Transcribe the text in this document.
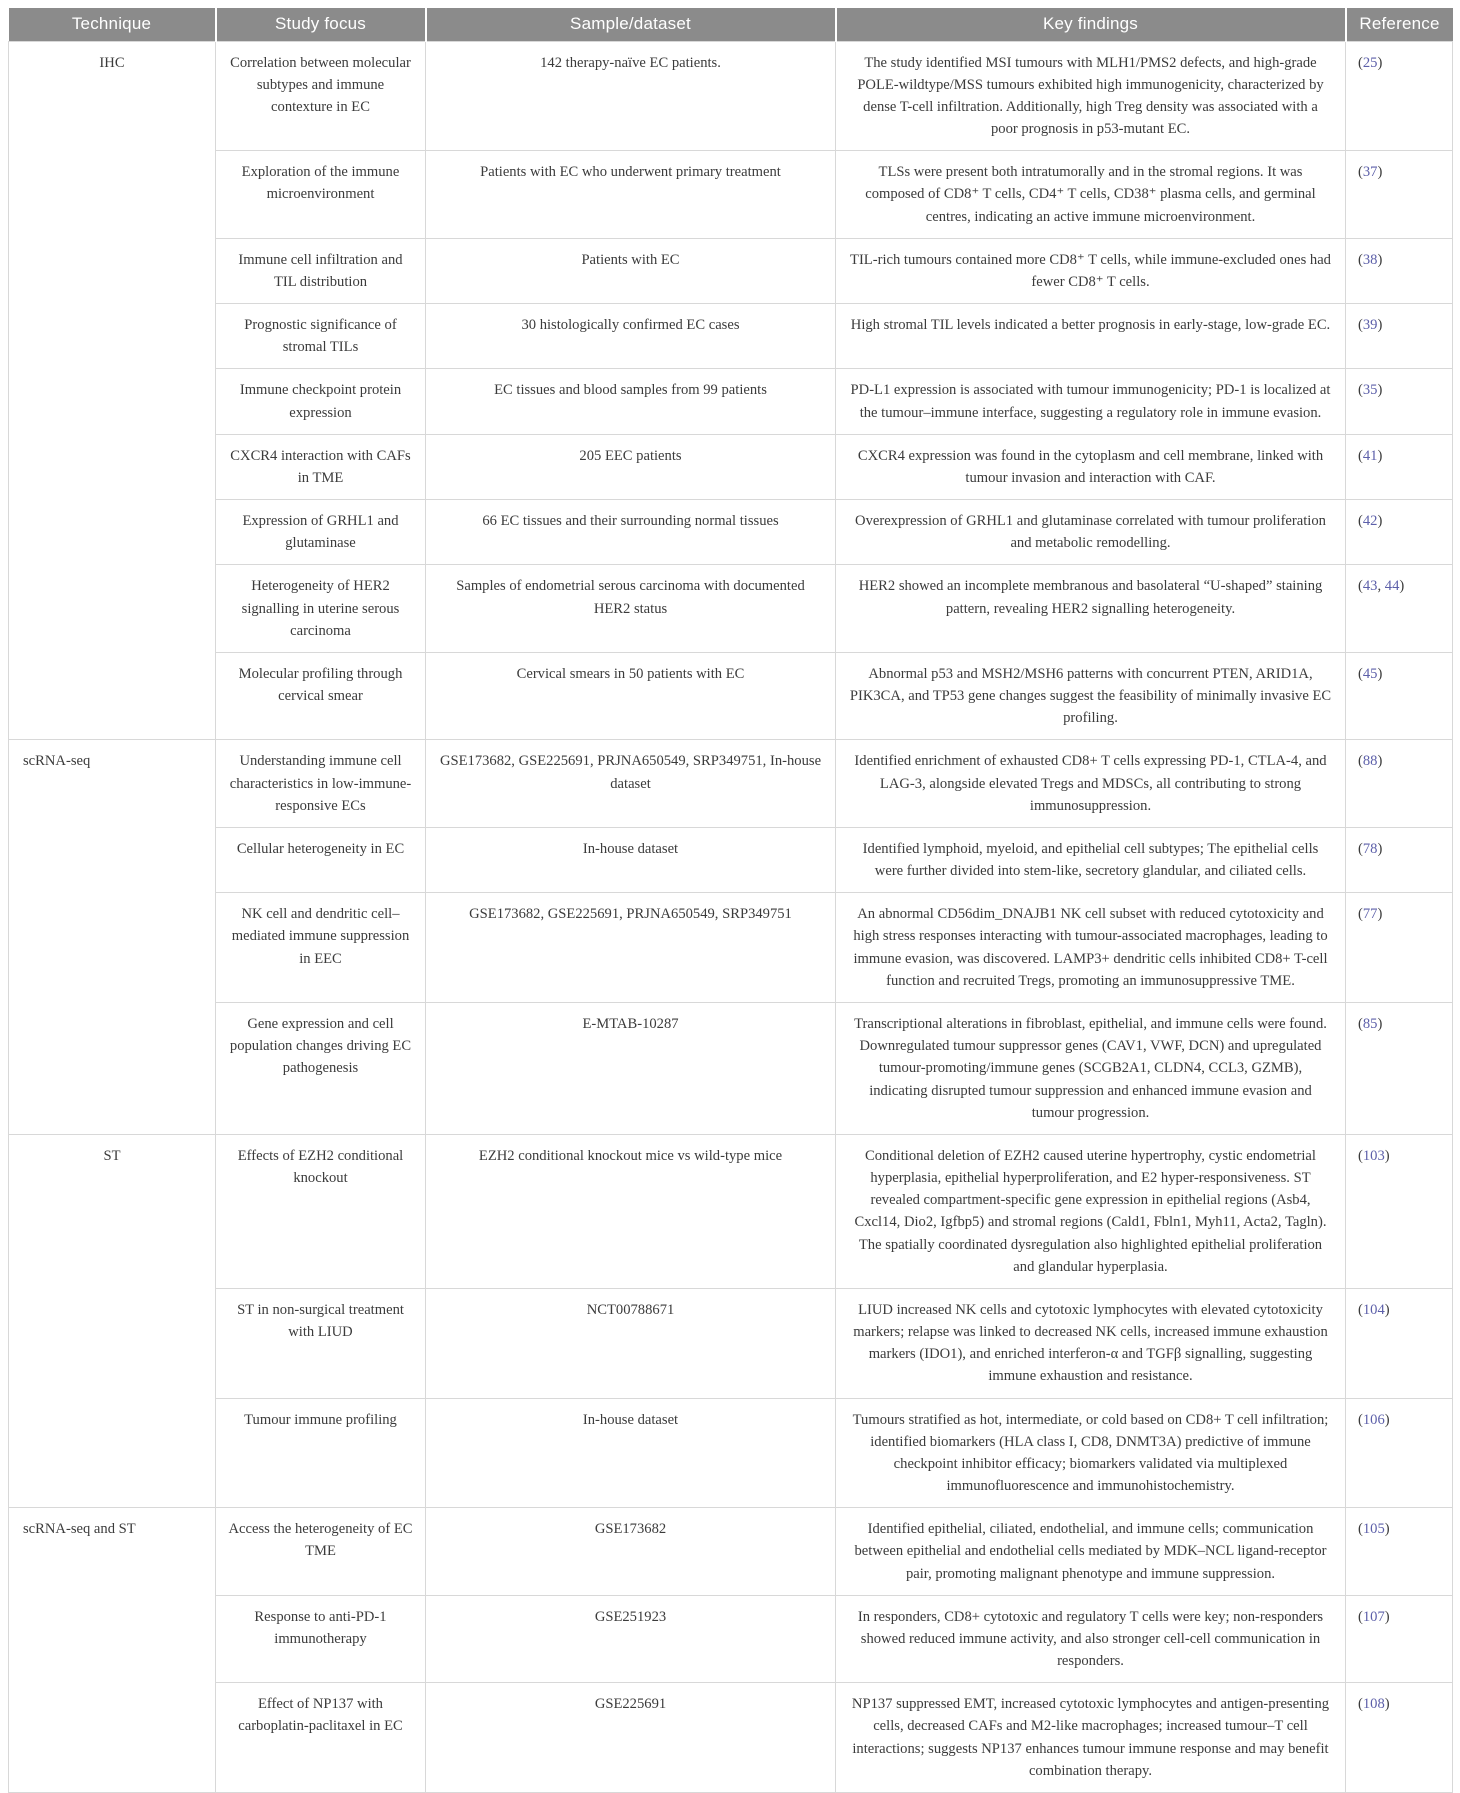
Technique	Study focus	Sample/dataset	Key findings	Reference
IHC	Correlation between molecular subtypes and immune contexture in EC	142 therapy-naïve EC patients.	The study identified MSI tumours with MLH1/PMS2 defects, and high-grade POLE-wildtype/MSS tumours exhibited high immunogenicity, characterized by dense T-cell infiltration. Additionally, high Treg density was associated with a poor prognosis in p53-mutant EC.	(25)
	Exploration of the immune microenvironment	Patients with EC who underwent primary treatment	TLSs were present both intratumorally and in the stromal regions. It was composed of CD8⁺ T cells, CD4⁺ T cells, CD38⁺ plasma cells, and germinal centres, indicating an active immune microenvironment.	(37)
	Immune cell infiltration and TIL distribution	Patients with EC	TIL-rich tumours contained more CD8⁺ T cells, while immune-excluded ones had fewer CD8⁺ T cells.	(38)
	Prognostic significance of stromal TILs	30 histologically confirmed EC cases	High stromal TIL levels indicated a better prognosis in early-stage, low-grade EC.	(39)
	Immune checkpoint protein expression	EC tissues and blood samples from 99 patients	PD-L1 expression is associated with tumour immunogenicity; PD-1 is localized at the tumour–immune interface, suggesting a regulatory role in immune evasion.	(35)
	CXCR4 interaction with CAFs in TME	205 EEC patients	CXCR4 expression was found in the cytoplasm and cell membrane, linked with tumour invasion and interaction with CAF.	(41)
	Expression of GRHL1 and glutaminase	66 EC tissues and their surrounding normal tissues	Overexpression of GRHL1 and glutaminase correlated with tumour proliferation and metabolic remodelling.	(42)
	Heterogeneity of HER2 signalling in uterine serous carcinoma	Samples of endometrial serous carcinoma with documented HER2 status	HER2 showed an incomplete membranous and basolateral “U-shaped” staining pattern, revealing HER2 signalling heterogeneity.	(43, 44)
	Molecular profiling through cervical smear	Cervical smears in 50 patients with EC	Abnormal p53 and MSH2/MSH6 patterns with concurrent PTEN, ARID1A, PIK3CA, and TP53 gene changes suggest the feasibility of minimally invasive EC profiling.	(45)
scRNA-seq	Understanding immune cell characteristics in low-immune-responsive ECs	GSE173682, GSE225691, PRJNA650549, SRP349751, In-house dataset	Identified enrichment of exhausted CD8+ T cells expressing PD-1, CTLA-4, and LAG-3, alongside elevated Tregs and MDSCs, all contributing to strong immunosuppression.	(88)
	Cellular heterogeneity in EC	In-house dataset	Identified lymphoid, myeloid, and epithelial cell subtypes; The epithelial cells were further divided into stem-like, secretory glandular, and ciliated cells.	(78)
	NK cell and dendritic cell–mediated immune suppression in EEC	GSE173682, GSE225691, PRJNA650549, SRP349751	An abnormal CD56dim_DNAJB1 NK cell subset with reduced cytotoxicity and high stress responses interacting with tumour-associated macrophages, leading to immune evasion, was discovered. LAMP3+ dendritic cells inhibited CD8+ T-cell function and recruited Tregs, promoting an immunosuppressive TME.	(77)
	Gene expression and cell population changes driving EC pathogenesis	E-MTAB-10287	Transcriptional alterations in fibroblast, epithelial, and immune cells were found. Downregulated tumour suppressor genes (CAV1, VWF, DCN) and upregulated tumour-promoting/immune genes (SCGB2A1, CLDN4, CCL3, GZMB), indicating disrupted tumour suppression and enhanced immune evasion and tumour progression.	(85)
ST	Effects of EZH2 conditional knockout	EZH2 conditional knockout mice vs wild-type mice	Conditional deletion of EZH2 caused uterine hypertrophy, cystic endometrial hyperplasia, epithelial hyperproliferation, and E2 hyper-responsiveness. ST revealed compartment-specific gene expression in epithelial regions (Asb4, Cxcl14, Dio2, Igfbp5) and stromal regions (Cald1, Fbln1, Myh11, Acta2, Tagln). The spatially coordinated dysregulation also highlighted epithelial proliferation and glandular hyperplasia.	(103)
	ST in non-surgical treatment with LIUD	NCT00788671	LIUD increased NK cells and cytotoxic lymphocytes with elevated cytotoxicity markers; relapse was linked to decreased NK cells, increased immune exhaustion markers (IDO1), and enriched interferon-α and TGFβ signalling, suggesting immune exhaustion and resistance.	(104)
	Tumour immune profiling	In-house dataset	Tumours stratified as hot, intermediate, or cold based on CD8+ T cell infiltration; identified biomarkers (HLA class I, CD8, DNMT3A) predictive of immune checkpoint inhibitor efficacy; biomarkers validated via multiplexed immunofluorescence and immunohistochemistry.	(106)
scRNA-seq and ST	Access the heterogeneity of EC TME	GSE173682	Identified epithelial, ciliated, endothelial, and immune cells; communication between epithelial and endothelial cells mediated by MDK–NCL ligand-receptor pair, promoting malignant phenotype and immune suppression.	(105)
	Response to anti-PD-1 immunotherapy	GSE251923	In responders, CD8+ cytotoxic and regulatory T cells were key; non-responders showed reduced immune activity, and also stronger cell-cell communication in responders.	(107)
	Effect of NP137 with carboplatin-paclitaxel in EC	GSE225691	NP137 suppressed EMT, increased cytotoxic lymphocytes and antigen-presenting cells, decreased CAFs and M2-like macrophages; increased tumour–T cell interactions; suggests NP137 enhances tumour immune response and may benefit combination therapy.	(108)
